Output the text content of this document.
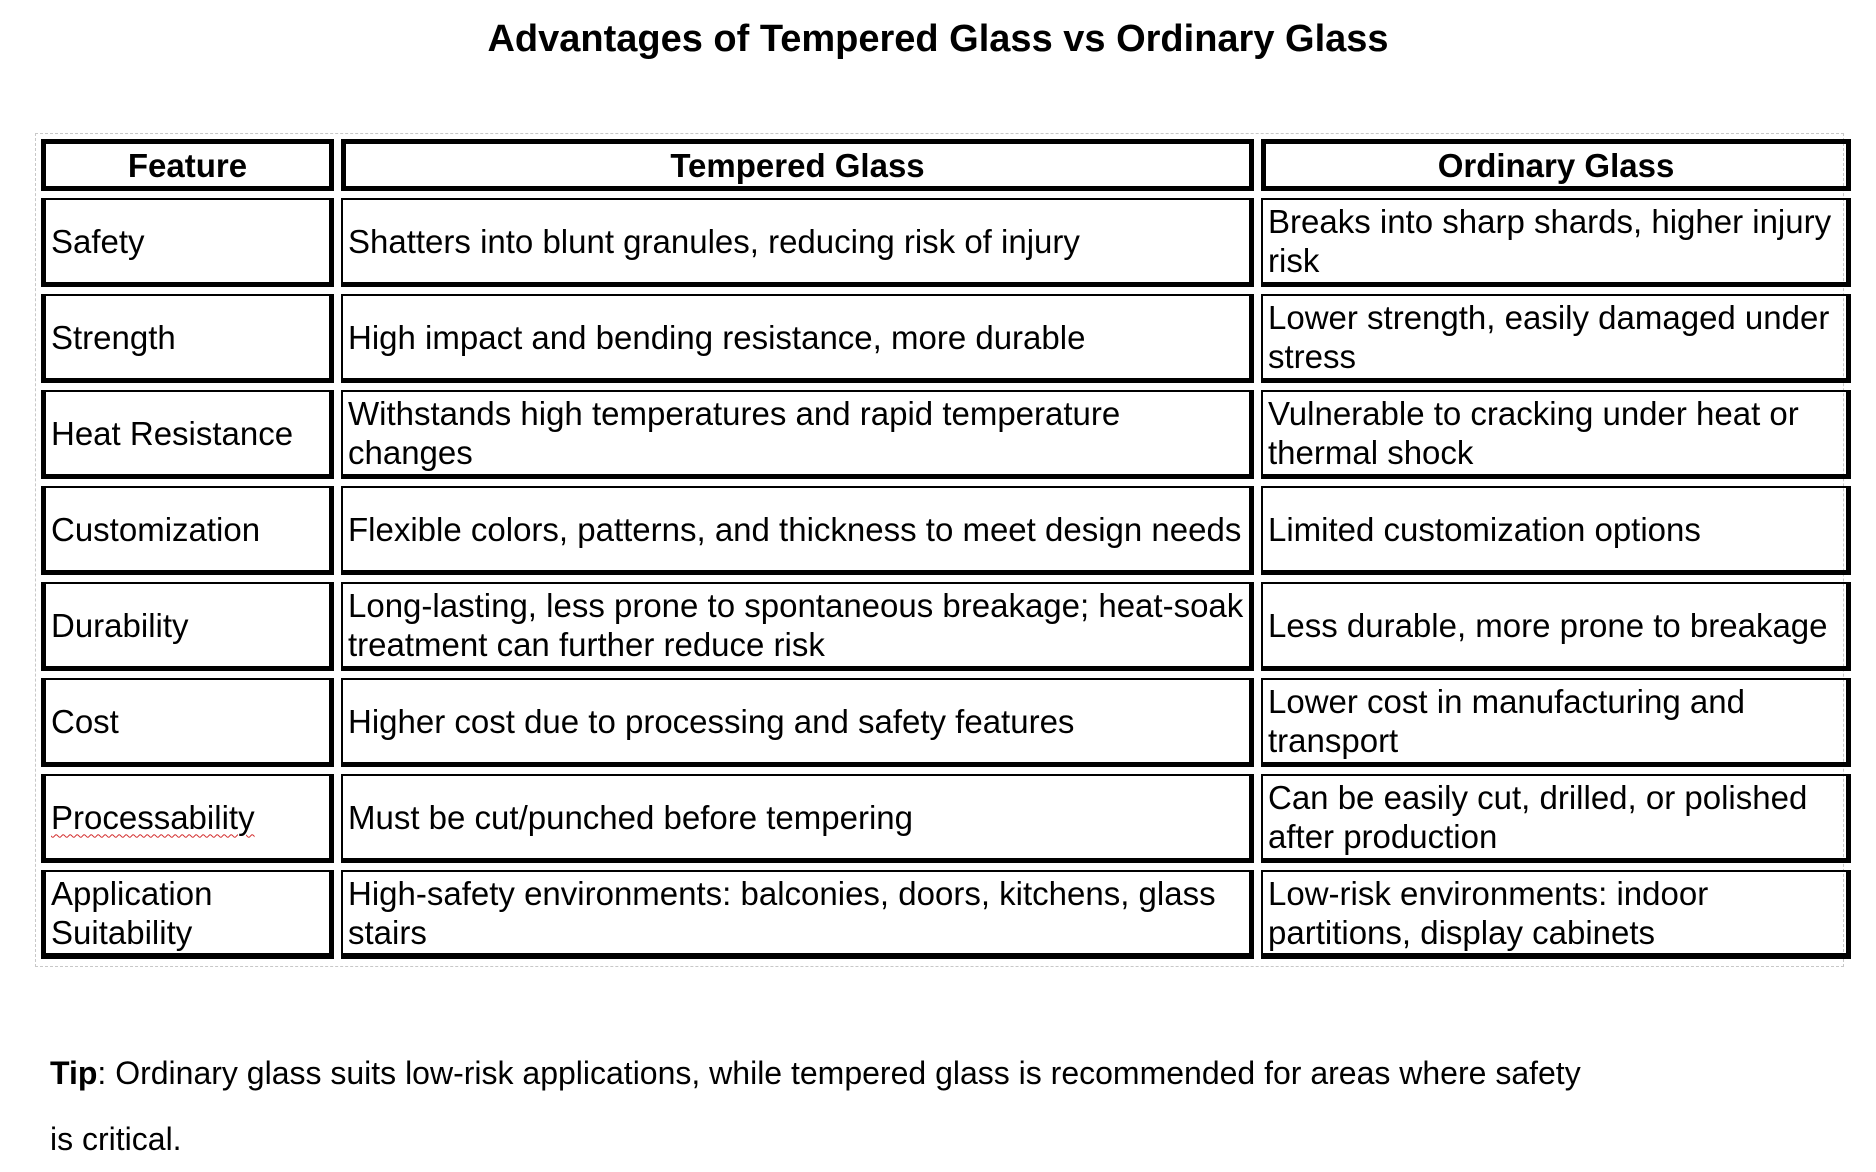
Advantages of Tempered Glass vs Ordinary Glass
Feature	Tempered Glass	Ordinary Glass
Safety	Shatters into blunt granules, reducing risk of injury	Breaks into sharp shards, higher injury risk
Strength	High impact and bending resistance, more durable	Lower strength, easily damaged under stress
Heat Resistance	Withstands high temperatures and rapid temperature changes	Vulnerable to cracking under heat or thermal shock
Customization	Flexible colors, patterns, and thickness to meet design needs	Limited customization options
Durability	Long-lasting, less prone to spontaneous breakage; heat-soak treatment can further reduce risk	Less durable, more prone to breakage
Cost	Higher cost due to processing and safety features	Lower cost in manufacturing and transport
Processability	Must be cut/punched before tempering	Can be easily cut, drilled, or polished after production
Application Suitability	High-safety environments: balconies, doors, kitchens, glass stairs	Low-risk environments: indoor partitions, display cabinets

Tip: Ordinary glass suits low-risk applications, while tempered glass is recommended for areas where safety is critical.
